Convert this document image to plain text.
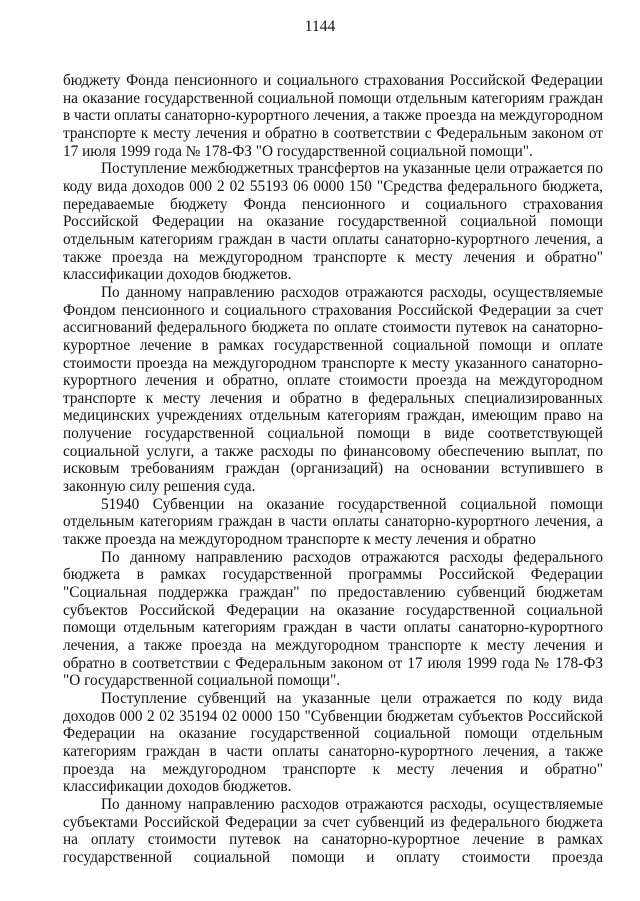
1144

бюджету Фонда пенсионного и социального страхования Российской Федерации на оказание государственной социальной помощи отдельным категориям граждан в части оплаты санаторно-курортного лечения, а также проезда на междугородном транспорте к месту лечения и обратно в соответствии с Федеральным законом от 17 июля 1999 года № 178-ФЗ "О государственной социальной помощи".

Поступление межбюджетных трансфертов на указанные цели отражается по коду вида доходов 000 2 02 55193 06 0000 150 "Средства федерального бюджета, передаваемые бюджету Фонда пенсионного и социального страхования Российской Федерации на оказание государственной социальной помощи отдельным категориям граждан в части оплаты санаторно-курортного лечения, а также проезда на междугородном транспорте к месту лечения и обратно" классификации доходов бюджетов.

По данному направлению расходов отражаются расходы, осуществляемые Фондом пенсионного и социального страхования Российской Федерации за счет ассигнований федерального бюджета по оплате стоимости путевок на санаторно-курортное лечение в рамках государственной социальной помощи и оплате стоимости проезда на междугородном транспорте к месту указанного санаторно-курортного лечения и обратно, оплате стоимости проезда на междугородном транспорте к месту лечения и обратно в федеральных специализированных медицинских учреждениях отдельным категориям граждан, имеющим право на получение государственной социальной помощи в виде соответствующей социальной услуги, а также расходы по финансовому обеспечению выплат, по исковым требованиям граждан (организаций) на основании вступившего в законную силу решения суда.

51940 Субвенции на оказание государственной социальной помощи отдельным категориям граждан в части оплаты санаторно-курортного лечения, а также проезда на междугородном транспорте к месту лечения и обратно

По данному направлению расходов отражаются расходы федерального бюджета в рамках государственной программы Российской Федерации "Социальная поддержка граждан" по предоставлению субвенций бюджетам субъектов Российской Федерации на оказание государственной социальной помощи отдельным категориям граждан в части оплаты санаторно-курортного лечения, а также проезда на междугородном транспорте к месту лечения и обратно в соответствии с Федеральным законом от 17 июля 1999 года № 178-ФЗ "О государственной социальной помощи".

Поступление субвенций на указанные цели отражается по коду вида доходов 000 2 02 35194 02 0000 150 "Субвенции бюджетам субъектов Российской Федерации на оказание государственной социальной помощи отдельным категориям граждан в части оплаты санаторно-курортного лечения, а также проезда на междугородном транспорте к месту лечения и обратно" классификации доходов бюджетов.

По данному направлению расходов отражаются расходы, осуществляемые субъектами Российской Федерации за счет субвенций из федерального бюджета на оплату стоимости путевок на санаторно-курортное лечение в рамках государственной социальной помощи и оплату стоимости проезда
